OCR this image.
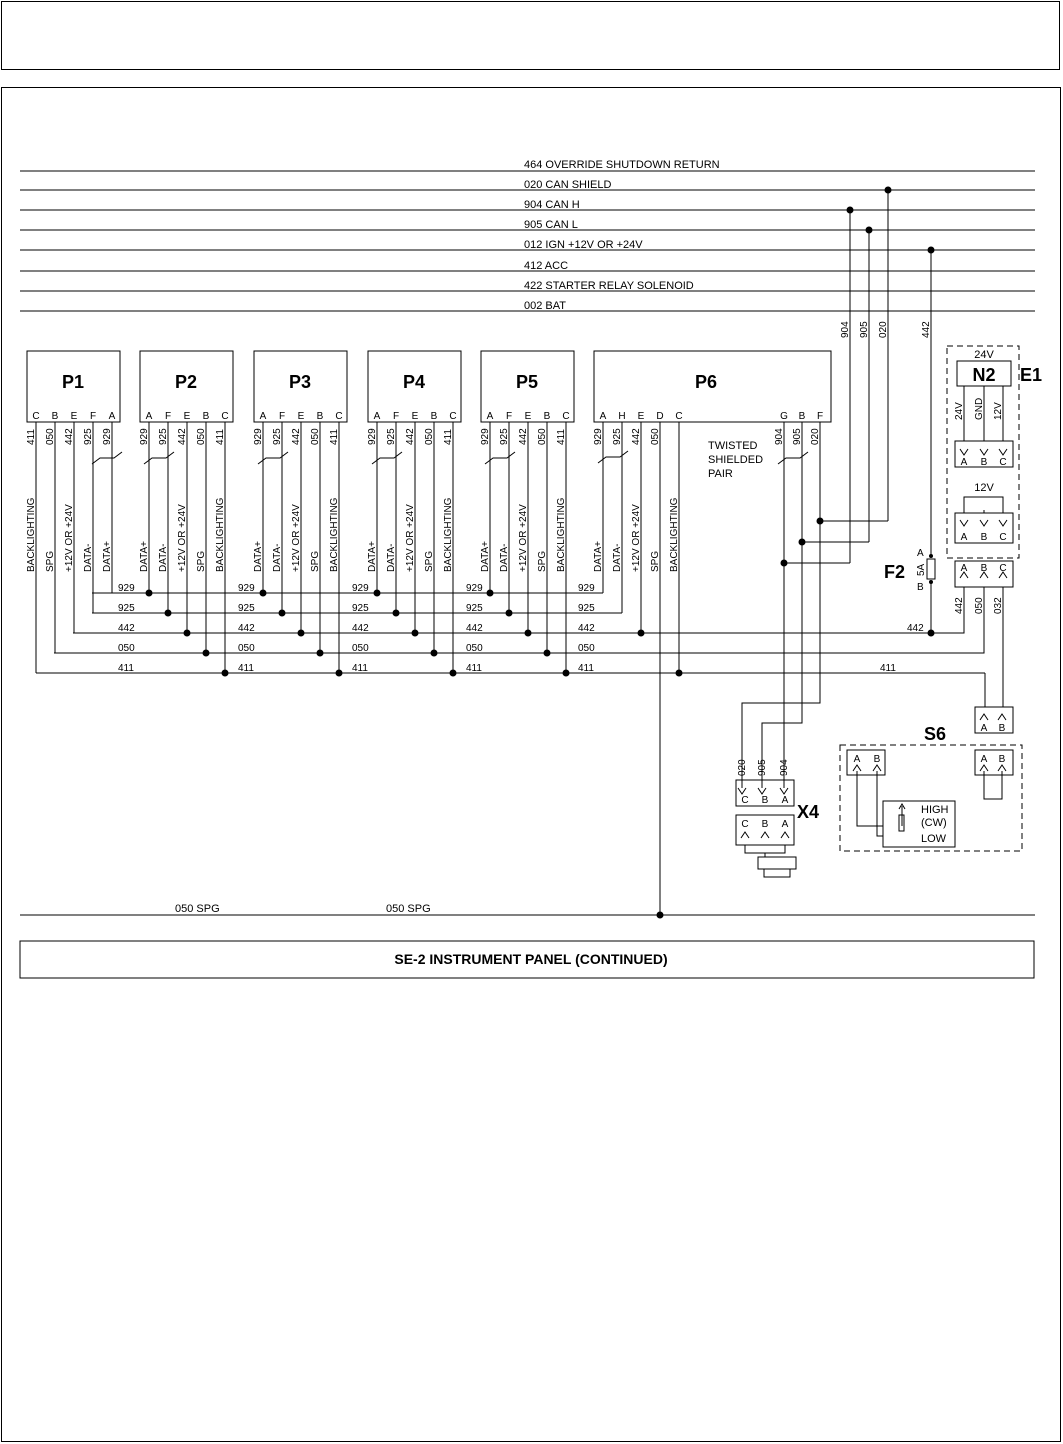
464 OVERRIDE SHUTDOWN RETURN
020 CAN SHIELD
904 CAN H
905 CAN L
012 IGN +12V OR +24V
412 ACC
422 STARTER RELAY SOLENOID
002 BAT
904 905 020	442
P1
C
411
BACKLIGHTING
B
050
SPG
E
442
+12V OR +24V
F
925
DATA-
A
929
DATA+
P2
A
929
DATA+
F
925
DATA-
E
442
+12V OR +24V
B
050
SPG
C
411
BACKLIGHTING
P3
A
929
DATA+
F
925
DATA-
E
442
+12V OR +24V
B
050
SPG
C
411
BACKLIGHTING
P4
A
929
DATA+
F
925
DATA-
E
442
+12V OR +24V
B
050
SPG
C
411
BACKLIGHTING
P5
A
929
DATA+
F
925
DATA-
E
442
+12V OR +24V
B
050
SPG
C
411
BACKLIGHTING
P6
A H E D C	G B F
929 925 442 050
DATA+ DATA- +12V OR +24V SPG BACKLIGHTING
904 905 020
TWISTED
SHIELDED
PAIR
929	929	929	929	929
925	925	925	925	925
442	442	442	442	442
050	050	050	050	050
411	411	411	411	411
050 SPG	050 SPG
E1
24V
N2
24V GND 12V
A B C
12V
A B C
A B C
442 050 032
442
411
A
B
5A
F2
A B
S6
A B	A B
HIGH
(CW)
LOW
020 905 904
C B A
X4
C B A
SE-2 INSTRUMENT PANEL (CONTINUED)
